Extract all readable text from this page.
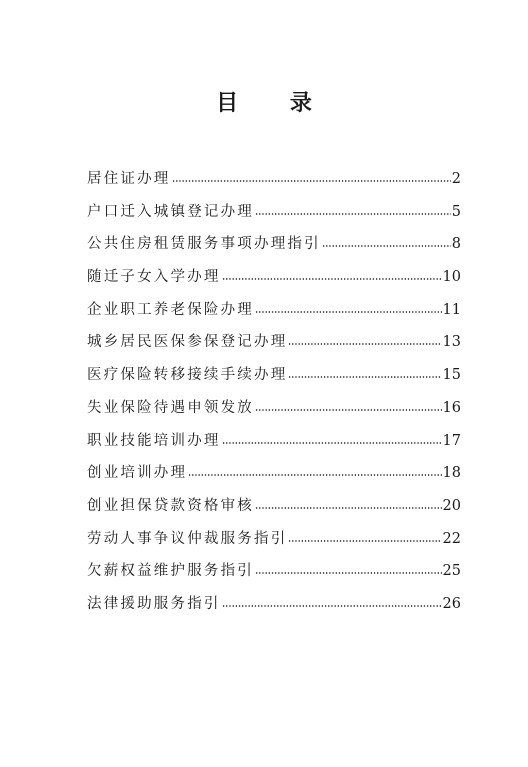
目 录
居住证办理	2
户口迁入城镇登记办理	5
公共住房租赁服务事项办理指引	8
随迁子女入学办理	10
企业职工养老保险办理	11
城乡居民医保参保登记办理	13
医疗保险转移接续手续办理	15
失业保险待遇申领发放	16
职业技能培训办理	17
创业培训办理	18
创业担保贷款资格审核	20
劳动人事争议仲裁服务指引	22
欠薪权益维护服务指引	25
法律援助服务指引	26
